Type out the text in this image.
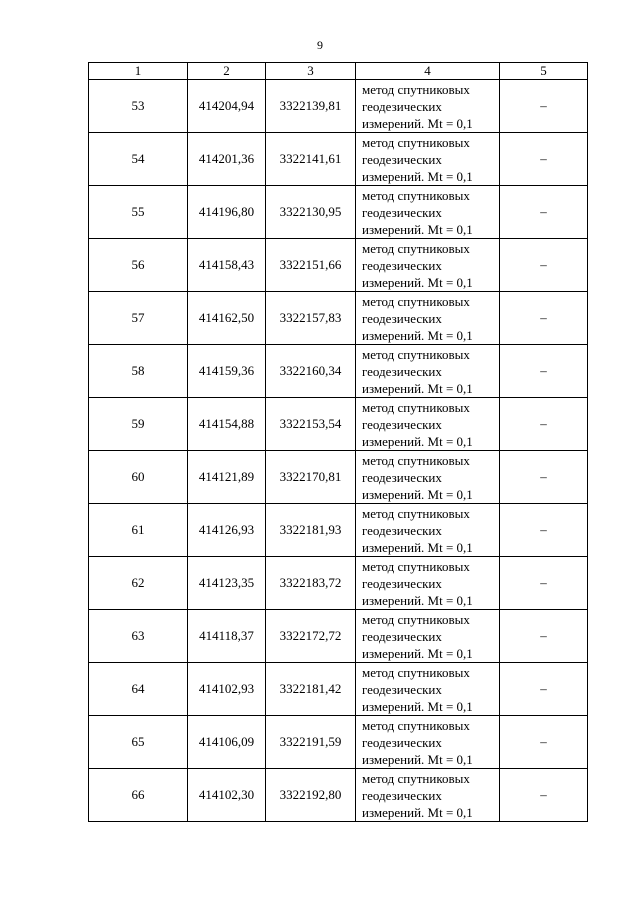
9
1	2	3	4	5
53	414204,94	3322139,81	метод спутниковых
геодезических
измерений. Mt = 0,1	–
54	414201,36	3322141,61	метод спутниковых
геодезических
измерений. Mt = 0,1	–
55	414196,80	3322130,95	метод спутниковых
геодезических
измерений. Mt = 0,1	–
56	414158,43	3322151,66	метод спутниковых
геодезических
измерений. Mt = 0,1	–
57	414162,50	3322157,83	метод спутниковых
геодезических
измерений. Mt = 0,1	–
58	414159,36	3322160,34	метод спутниковых
геодезических
измерений. Mt = 0,1	–
59	414154,88	3322153,54	метод спутниковых
геодезических
измерений. Mt = 0,1	–
60	414121,89	3322170,81	метод спутниковых
геодезических
измерений. Mt = 0,1	–
61	414126,93	3322181,93	метод спутниковых
геодезических
измерений. Mt = 0,1	–
62	414123,35	3322183,72	метод спутниковых
геодезических
измерений. Mt = 0,1	–
63	414118,37	3322172,72	метод спутниковых
геодезических
измерений. Mt = 0,1	–
64	414102,93	3322181,42	метод спутниковых
геодезических
измерений. Mt = 0,1	–
65	414106,09	3322191,59	метод спутниковых
геодезических
измерений. Mt = 0,1	–
66	414102,30	3322192,80	метод спутниковых
геодезических
измерений. Mt = 0,1	–
